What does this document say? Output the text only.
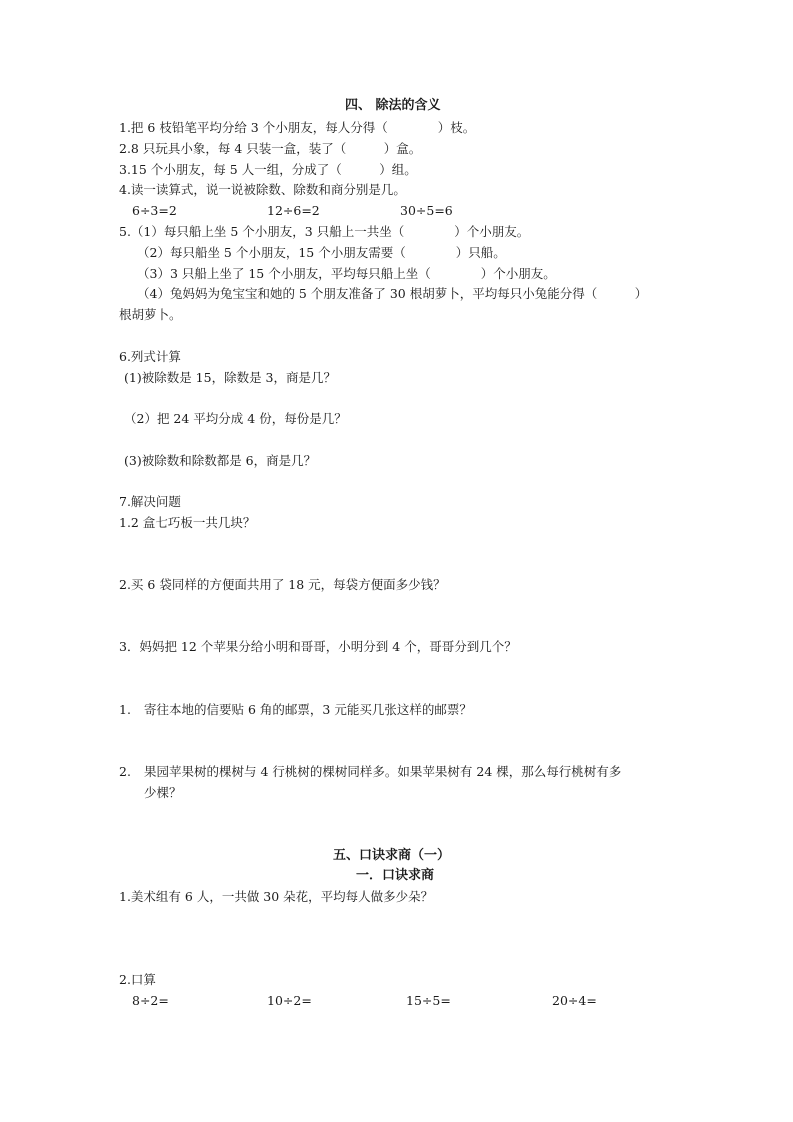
四、 除法的含义
1.把 6 枝铅笔平均分给 3 个小朋友，每人分得（　　　　）枝。
2.8 只玩具小象，每 4 只装一盒，装了（　　　）盒。
3.15 个小朋友，每 5 人一组，分成了（　　　）组。
4.读一读算式，说一说被除数、除数和商分别是几。
6÷3=2	12÷6=2	30÷5=6
5.（1）每只船上坐 5 个小朋友，3 只船上一共坐（　　　　）个小朋友。
（2）每只船坐 5 个小朋友，15 个小朋友需要（　　　　）只船。
（3）3 只船上坐了 15 个小朋友，平均每只船上坐（　　　　）个小朋友。
（4）兔妈妈为兔宝宝和她的 5 个朋友准备了 30 根胡萝卜，平均每只小兔能分得（　　　）
根胡萝卜。
6.列式计算
(1)被除数是 15，除数是 3，商是几？
（2）把 24 平均分成 4 份，每份是几？
(3)被除数和除数都是 6，商是几？
7.解决问题
1.2 盒七巧板一共几块？
2.买 6 袋同样的方便面共用了 18 元，每袋方便面多少钱？
3．妈妈把 12 个苹果分给小明和哥哥，小明分到 4 个，哥哥分到几个？
1. 寄往本地的信要贴 6 角的邮票，3 元能买几张这样的邮票？
2. 果园苹果树的棵树与 4 行桃树的棵树同样多。如果苹果树有 24 棵，那么每行桃树有多
少棵？
五、口诀求商（一）
一．口诀求商
1.美术组有 6 人，一共做 30 朵花，平均每人做多少朵？
2.口算
8÷2=	10÷2=	15÷5=	20÷4=
